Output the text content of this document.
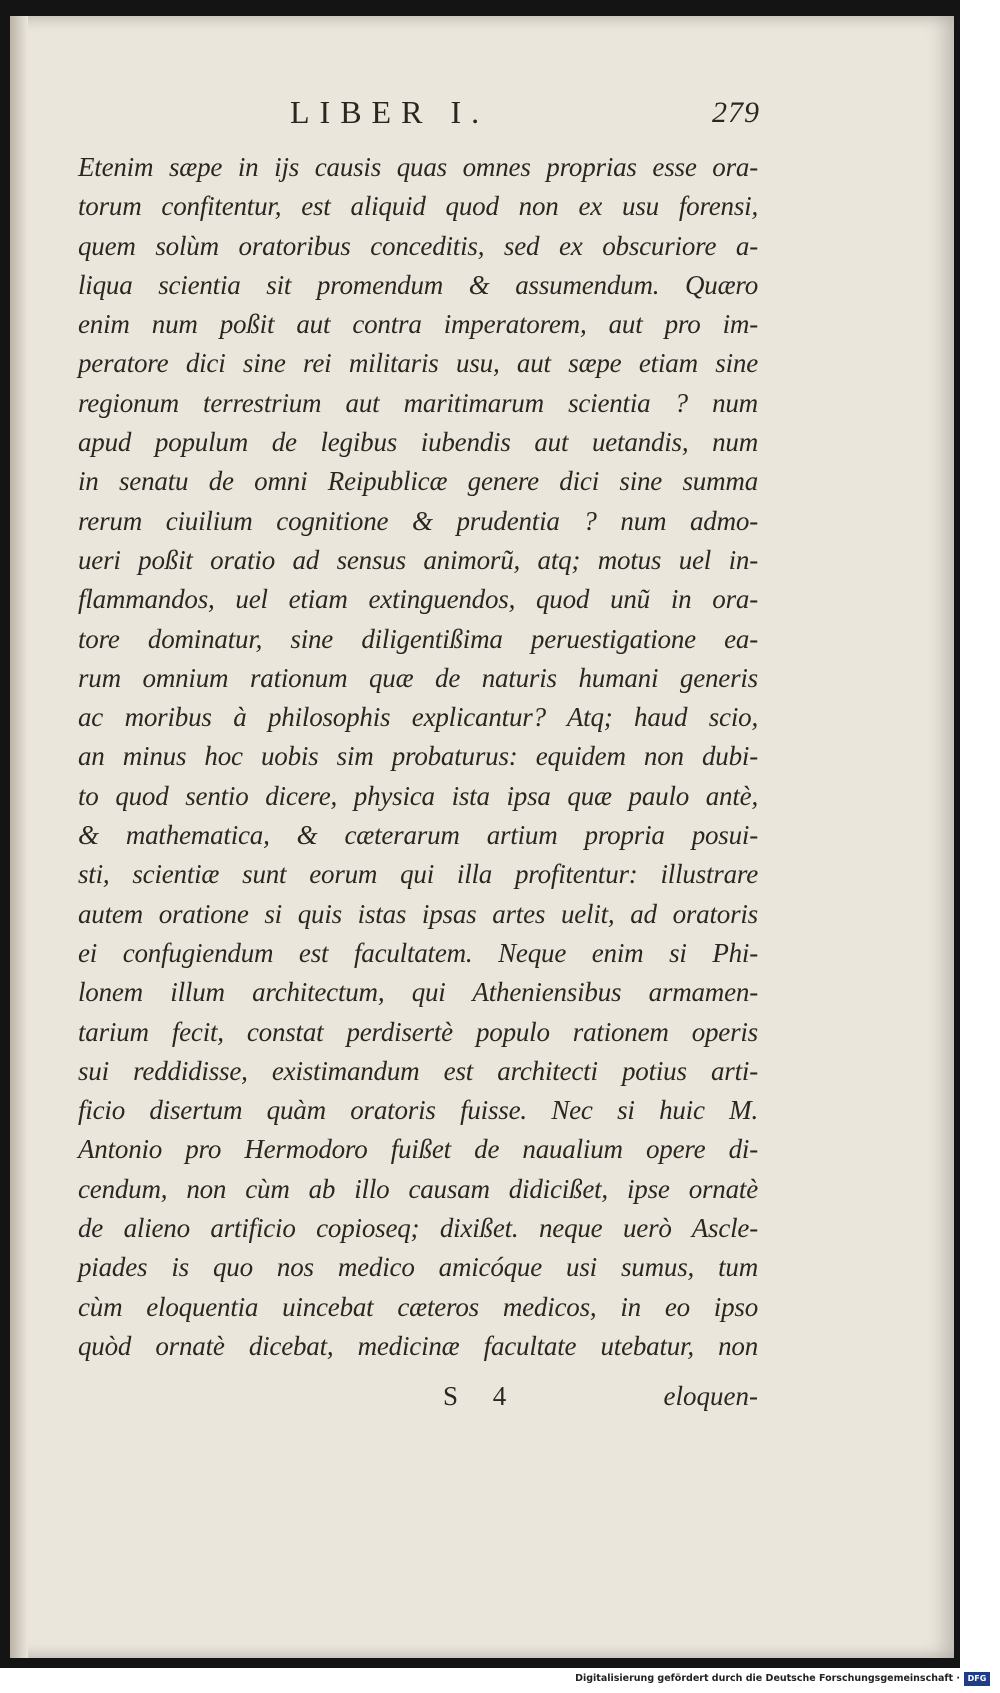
LIBER I.	279
Etenim sæpe in ijs causis quas omnes proprias esse ora-
torum confitentur, est aliquid quod non ex usu forensi,
quem solùm oratoribus conceditis, sed ex obscuriore a-
liqua scientia sit promendum & assumendum. Quæro
enim num poßit aut contra imperatorem, aut pro im-
peratore dici sine rei militaris usu, aut sæpe etiam sine
regionum terrestrium aut maritimarum scientia ? num
apud populum de legibus iubendis aut uetandis, num
in senatu de omni Reipublicæ genere dici sine summa
rerum ciuilium cognitione & prudentia ? num admo-
ueri poßit oratio ad sensus animorũ, atq; motus uel in-
flammandos, uel etiam extinguendos, quod unũ in ora-
tore dominatur, sine diligentißima peruestigatione ea-
rum omnium rationum quæ de naturis humani generis
ac moribus à philosophis explicantur? Atq; haud scio,
an minus hoc uobis sim probaturus: equidem non dubi-
to quod sentio dicere, physica ista ipsa quæ paulo antè,
& mathematica, & cæterarum artium propria posui-
sti, scientiæ sunt eorum qui illa profitentur: illustrare
autem oratione si quis istas ipsas artes uelit, ad oratoris
ei confugiendum est facultatem. Neque enim si Phi-
lonem illum architectum, qui Atheniensibus armamen-
tarium fecit, constat perdisertè populo rationem operis
sui reddidisse, existimandum est architecti potius arti-
ficio disertum quàm oratoris fuisse. Nec si huic M.
Antonio pro Hermodoro fuißet de naualium opere di-
cendum, non cùm ab illo causam didicißet, ipse ornatè
de alieno artificio copioseq; dixißet. neque uerò Ascle-
piades is quo nos medico amicóque usi sumus, tum
cùm eloquentia uincebat cæteros medicos, in eo ipso
quòd ornatè dicebat, medicinæ facultate utebatur, non
S 4	eloquen-
Digitalisierung gefördert durch die Deutsche Forschungsgemeinschaft · DFG
